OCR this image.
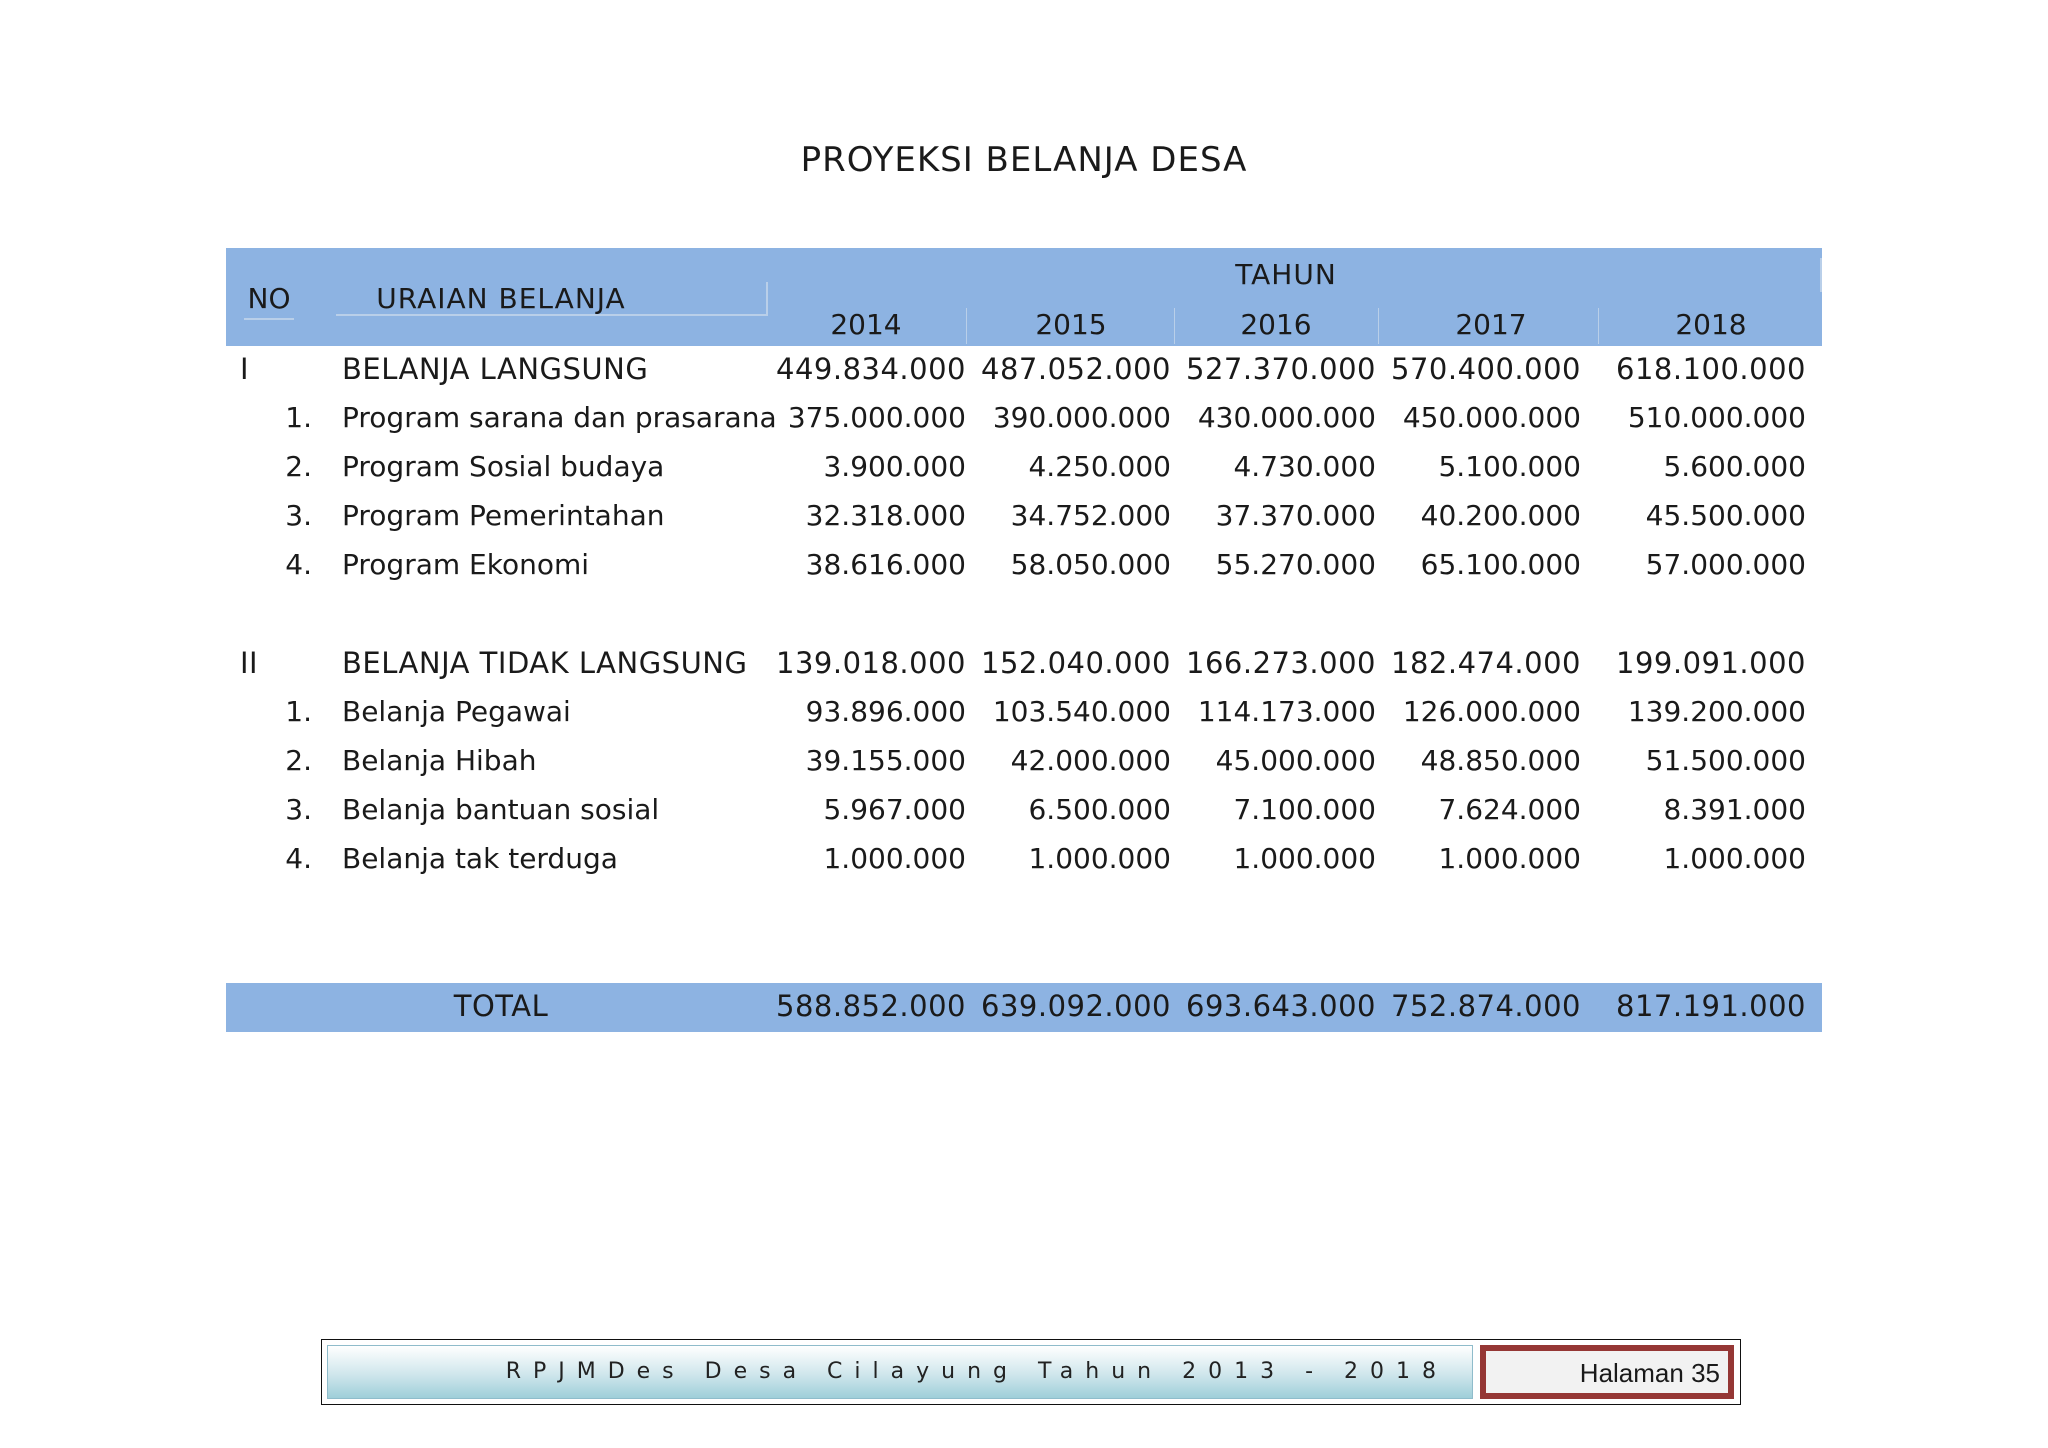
PROYEKSI BELANJA DESA
NO	URAIAN BELANJA
TAHUN
2014	2015	2016	2017	2018
I	BELANJA LANGSUNG	449.834.000 487.052.000 527.370.000 570.400.000	618.100.000
1. Program sarana dan prasarana 375.000.000 390.000.000 430.000.000 450.000.000	510.000.000
2. Program Sosial budaya	3.900.000	4.250.000	4.730.000	5.100.000	5.600.000
3. Program Pemerintahan	32.318.000	34.752.000	37.370.000	40.200.000	45.500.000
4. Program Ekonomi	38.616.000	58.050.000	55.270.000	65.100.000	57.000.000
II	BELANJA TIDAK LANGSUNG 139.018.000 152.040.000 166.273.000 182.474.000	199.091.000
1. Belanja Pegawai	93.896.000 103.540.000 114.173.000 126.000.000	139.200.000
2. Belanja Hibah	39.155.000	42.000.000	45.000.000	48.850.000	51.500.000
3. Belanja bantuan sosial	5.967.000	6.500.000	7.100.000	7.624.000	8.391.000
4. Belanja tak terduga	1.000.000	1.000.000	1.000.000	1.000.000	1.000.000
TOTAL	588.852.000 639.092.000 693.643.000 752.874.000	817.191.000
RPJMDes Desa Cilayung Tahun 2013 - 2018	Halaman 35
